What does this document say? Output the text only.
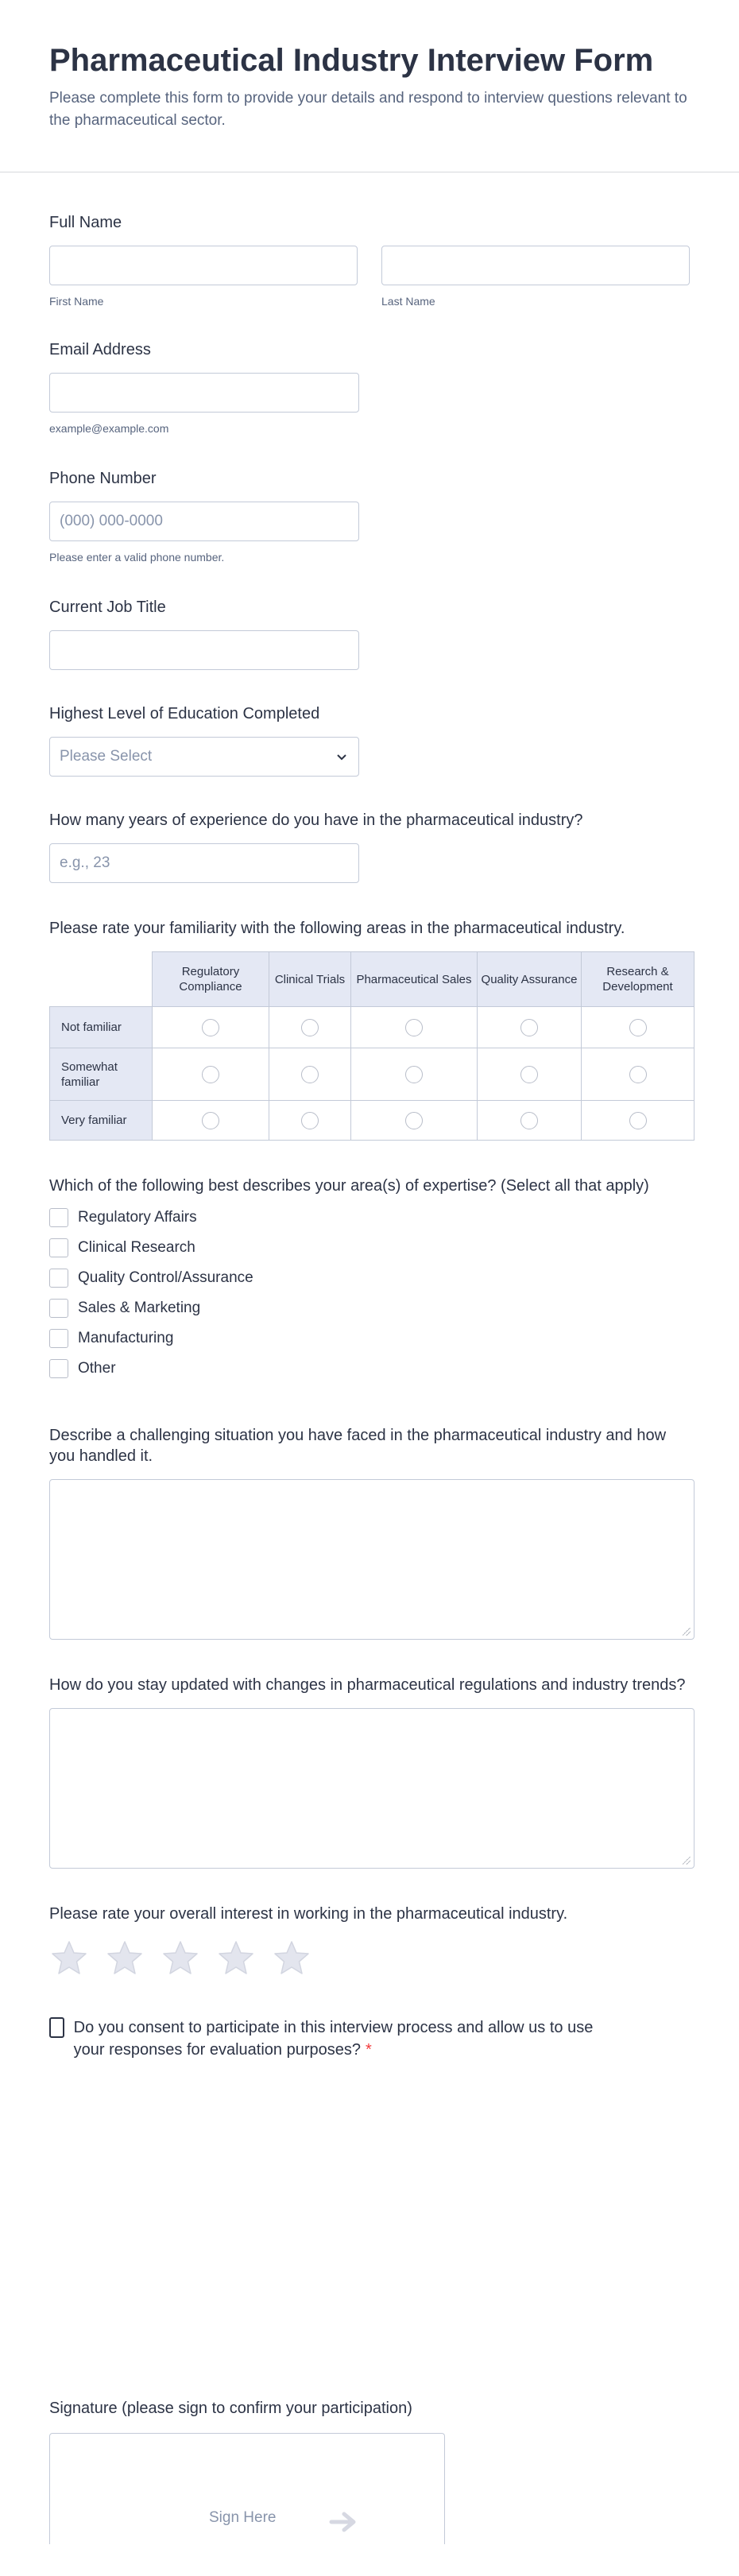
Pharmaceutical Industry Interview Form
Please complete this form to provide your details and respond to interview questions relevant to the pharmaceutical sector.
Full Name
First Name	Last Name
Email Address
example@example.com
Phone Number
(000) 000-0000
Please enter a valid phone number.
Current Job Title
Highest Level of Education Completed
Please Select
How many years of experience do you have in the pharmaceutical industry?
e.g., 23
Please rate your familiarity with the following areas in the pharmaceutical industry.
	Regulatory Compliance	Clinical Trials	Pharmaceutical Sales	Quality Assurance	Research & Development
Not familiar					
Somewhat familiar					
Very familiar					
Which of the following best describes your area(s) of expertise? (Select all that apply)
Regulatory Affairs
Clinical Research
Quality Control/Assurance
Sales & Marketing
Manufacturing
Other
Describe a challenging situation you have faced in the pharmaceutical industry and how you handled it.
How do you stay updated with changes in pharmaceutical regulations and industry trends?
Please rate your overall interest in working in the pharmaceutical industry.
Do you consent to participate in this interview process and allow us to use your responses for evaluation purposes? *
Signature (please sign to confirm your participation)
Sign Here
